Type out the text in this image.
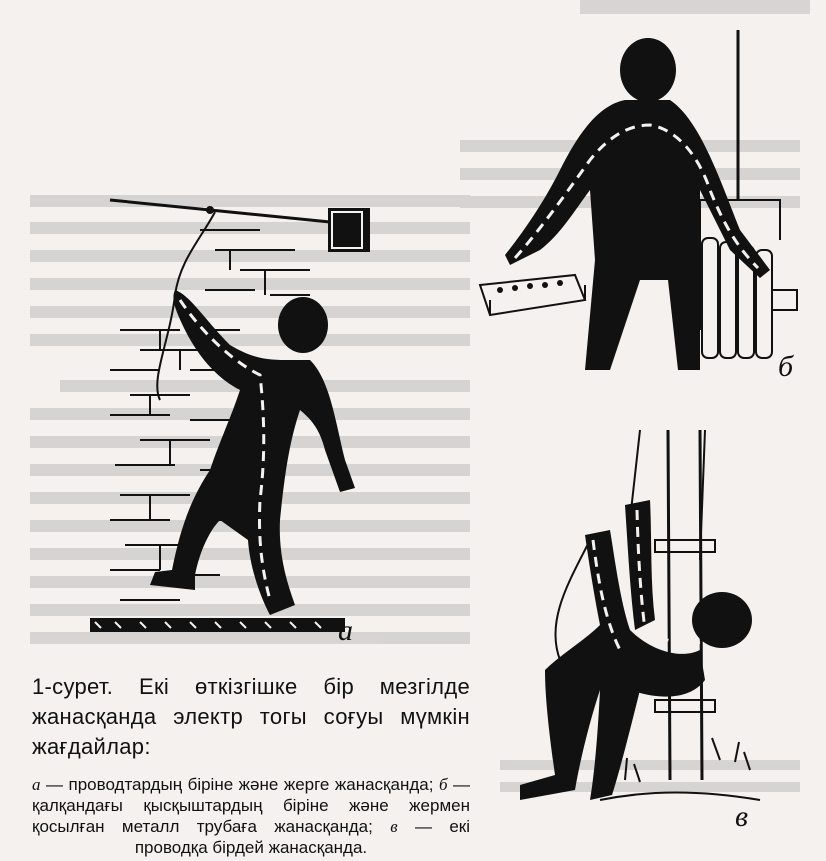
а
б
в
1-сурет. Екі өткізгішке бір мезгілде жанасқанда электр тогы соғуы мүмкін жағдайлар:
а — проводтардың біріне және жерге жанасқанда; б — қалқандағы қысқыштардың біріне және жермен қосылған металл трубаға жанасқанда; в — екі проводқа бірдей жанасқанда.
